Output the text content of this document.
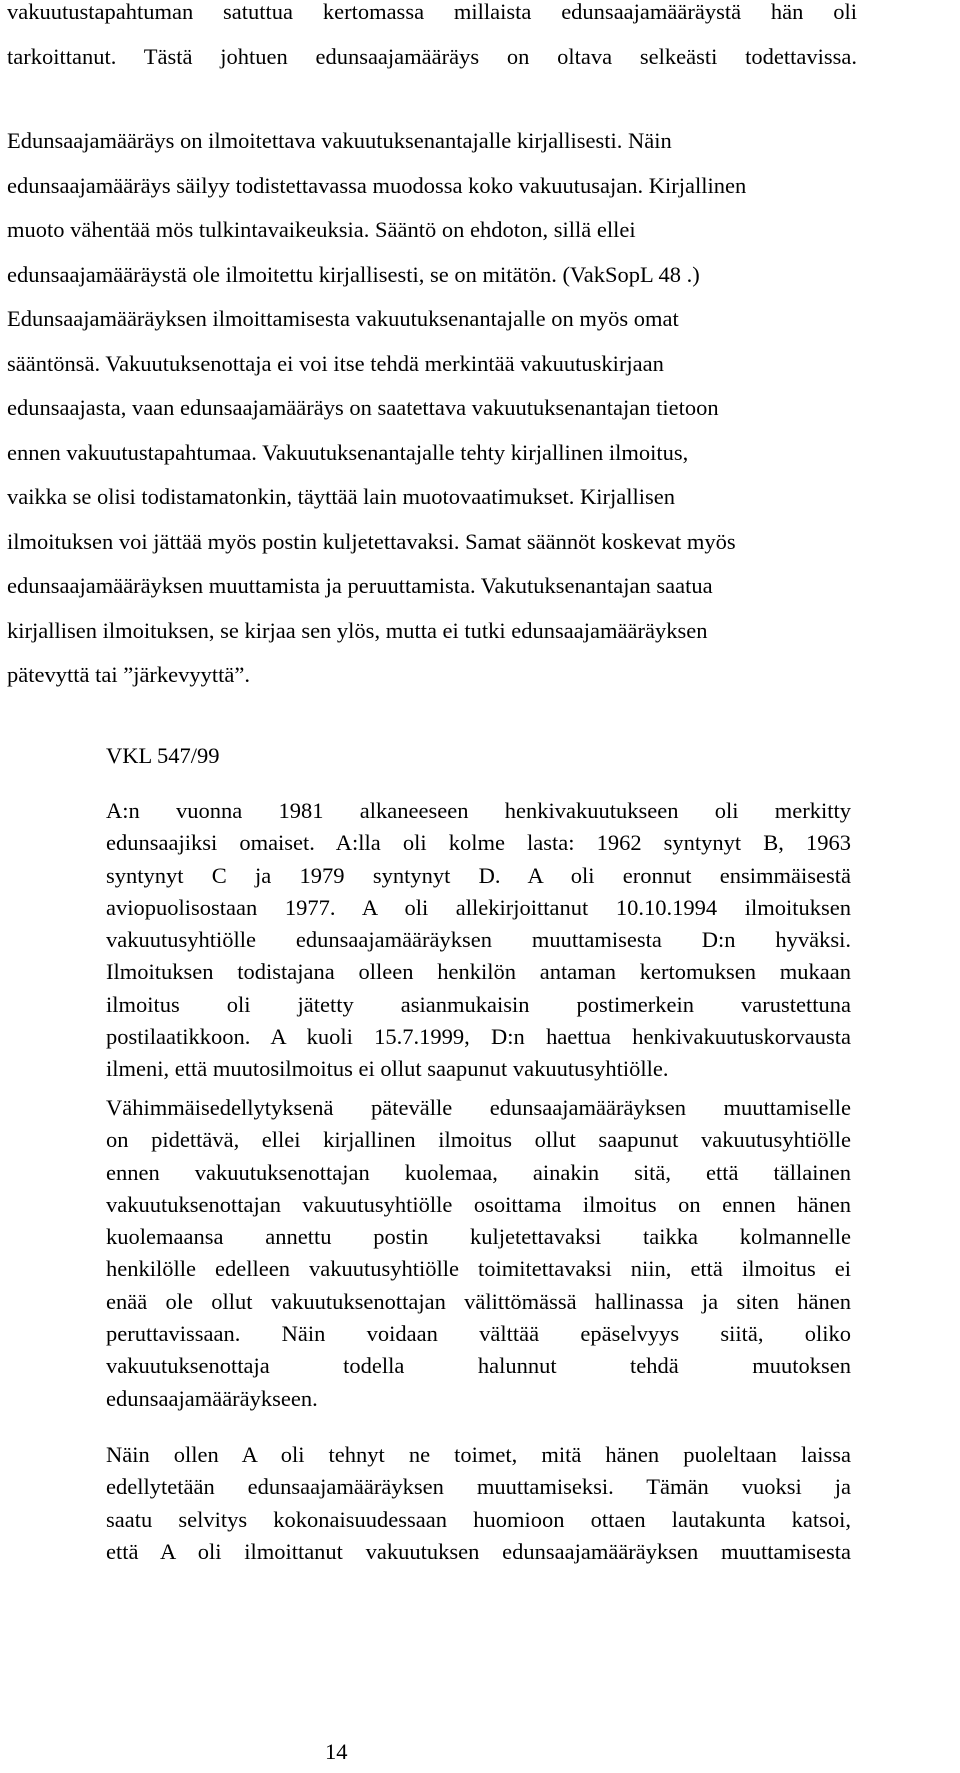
vakuutustapahtuman satuttua kertomassa millaista edunsaajamääräystä hän oli
tarkoittanut. Tästä johtuen edunsaajamääräys on oltava selkeästi todettavissa.
Edunsaajamääräys on ilmoitettava vakuutuksenantajalle kirjallisesti. Näin
edunsaajamääräys säilyy todistettavassa muodossa koko vakuutusajan. Kirjallinen
muoto vähentää mös tulkintavaikeuksia. Sääntö on ehdoton, sillä ellei
edunsaajamääräystä ole ilmoitettu kirjallisesti, se on mitätön. (VakSopL 48 .)
Edunsaajamääräyksen ilmoittamisesta vakuutuksenantajalle on myös omat
sääntönsä. Vakuutuksenottaja ei voi itse tehdä merkintää vakuutuskirjaan
edunsaajasta, vaan edunsaajamääräys on saatettava vakuutuksenantajan tietoon
ennen vakuutustapahtumaa. Vakuutuksenantajalle tehty kirjallinen ilmoitus,
vaikka se olisi todistamatonkin, täyttää lain muotovaatimukset. Kirjallisen
ilmoituksen voi jättää myös postin kuljetettavaksi. Samat säännöt koskevat myös
edunsaajamääräyksen muuttamista ja peruuttamista. Vakutuksenantajan saatua
kirjallisen ilmoituksen, se kirjaa sen ylös, mutta ei tutki edunsaajamääräyksen
pätevyttä tai ”järkevyyttä”.
VKL 547/99
A:n vuonna 1981 alkaneeseen henkivakuutukseen oli merkitty
edunsaajiksi omaiset. A:lla oli kolme lasta: 1962 syntynyt B, 1963
syntynyt C ja 1979 syntynyt D. A oli eronnut ensimmäisestä
aviopuolisostaan 1977. A oli allekirjoittanut 10.10.1994 ilmoituksen
vakuutusyhtiölle edunsaajamääräyksen muuttamisesta D:n hyväksi.
Ilmoituksen todistajana olleen henkilön antaman kertomuksen mukaan
ilmoitus oli jätetty asianmukaisin postimerkein varustettuna
postilaatikkoon. A kuoli 15.7.1999, D:n haettua henkivakuutuskorvausta
ilmeni, että muutosilmoitus ei ollut saapunut vakuutusyhtiölle.
Vähimmäisedellytyksenä pätevälle edunsaajamääräyksen muuttamiselle
on pidettävä, ellei kirjallinen ilmoitus ollut saapunut vakuutusyhtiölle
ennen vakuutuksenottajan kuolemaa, ainakin sitä, että tällainen
vakuutuksenottajan vakuutusyhtiölle osoittama ilmoitus on ennen hänen
kuolemaansa annettu postin kuljetettavaksi taikka kolmannelle
henkilölle edelleen vakuutusyhtiölle toimitettavaksi niin, että ilmoitus ei
enää ole ollut vakuutuksenottajan välittömässä hallinassa ja siten hänen
peruttavissaan. Näin voidaan välttää epäselvyys siitä, oliko
vakuutuksenottaja todella halunnut tehdä muutoksen
edunsaajamääräykseen.
Näin ollen A oli tehnyt ne toimet, mitä hänen puoleltaan laissa
edellytetään edunsaajamääräyksen muuttamiseksi. Tämän vuoksi ja
saatu selvitys kokonaisuudessaan huomioon ottaen lautakunta katsoi,
että A oli ilmoittanut vakuutuksen edunsaajamääräyksen muuttamisesta
14
